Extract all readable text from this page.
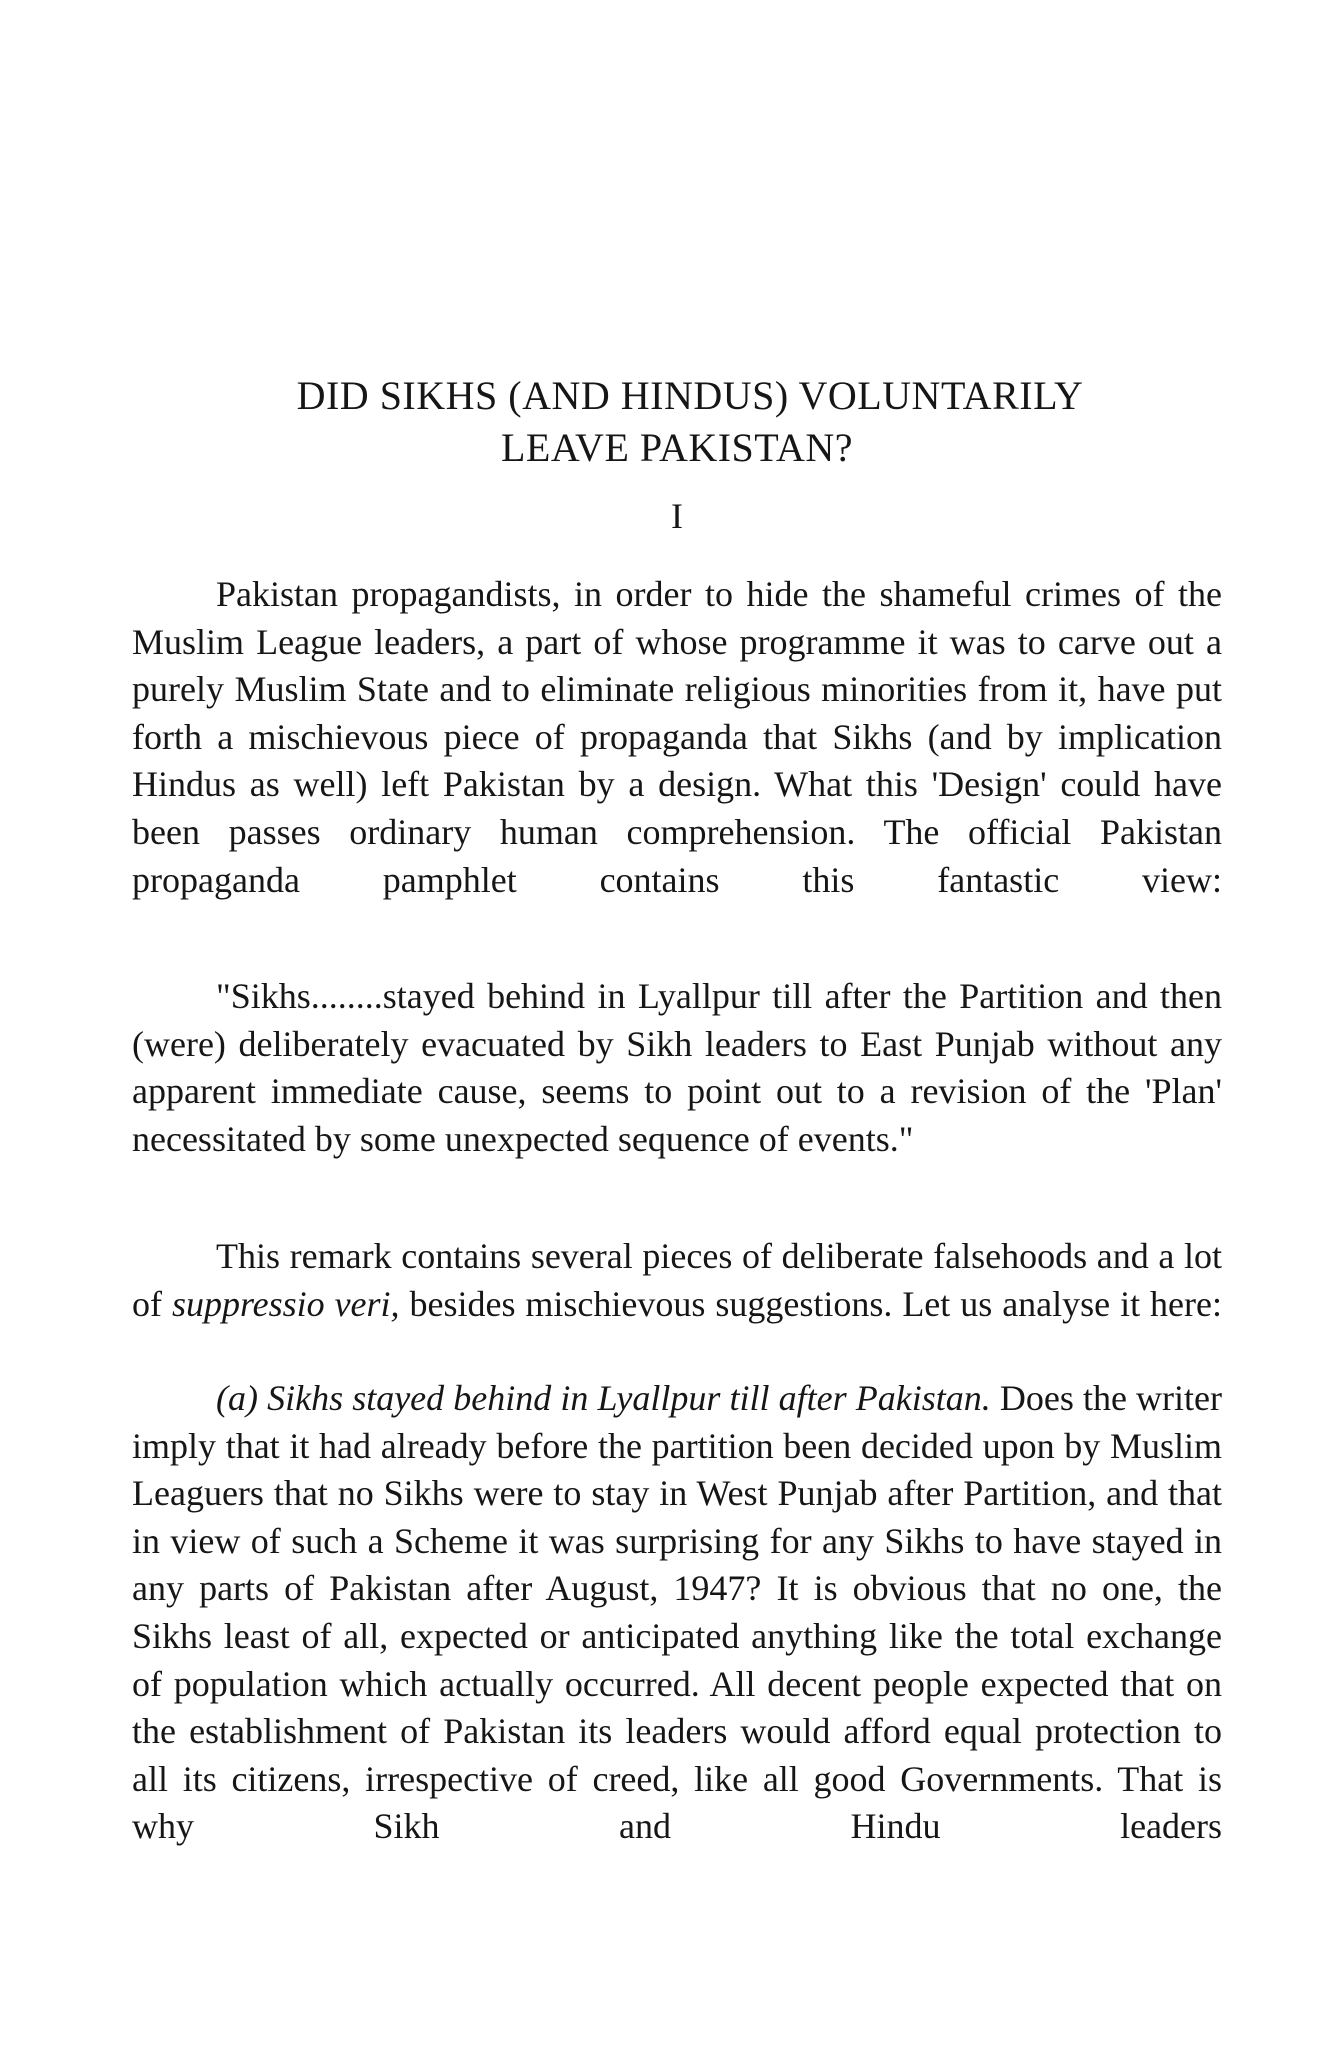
DID SIKHS (AND HINDUS) VOLUNTARILY
LEAVE PAKISTAN?
I

Pakistan propagandists, in order to hide the shameful crimes of the Muslim League leaders, a part of whose programme it was to carve out a purely Muslim State and to eliminate religious minorities from it, have put forth a mischievous piece of propaganda that Sikhs (and by implication Hindus as well) left Pakistan by a design. What this 'Design' could have been passes ordinary human comprehension. The official Pakistan propaganda pamphlet contains this fantastic view:

"Sikhs........stayed behind in Lyallpur till after the Partition and then (were) deliberately evacuated by Sikh leaders to East Punjab without any apparent immediate cause, seems to point out to a revision of the 'Plan' necessitated by some unexpected sequence of events."

This remark contains several pieces of deliberate falsehoods and a lot of suppressio veri, besides mischievous suggestions. Let us analyse it here:

(a) Sikhs stayed behind in Lyallpur till after Pakistan. Does the writer imply that it had already before the partition been decided upon by Muslim Leaguers that no Sikhs were to stay in West Punjab after Partition, and that in view of such a Scheme it was surprising for any Sikhs to have stayed in any parts of Pakistan after August, 1947? It is obvious that no one, the Sikhs least of all, expected or anticipated anything like the total exchange of population which actually occurred. All decent people expected that on the establishment of Pakistan its leaders would afford equal protection to all its citizens, irrespective of creed, like all good Governments. That is why Sikh and Hindu leaders
